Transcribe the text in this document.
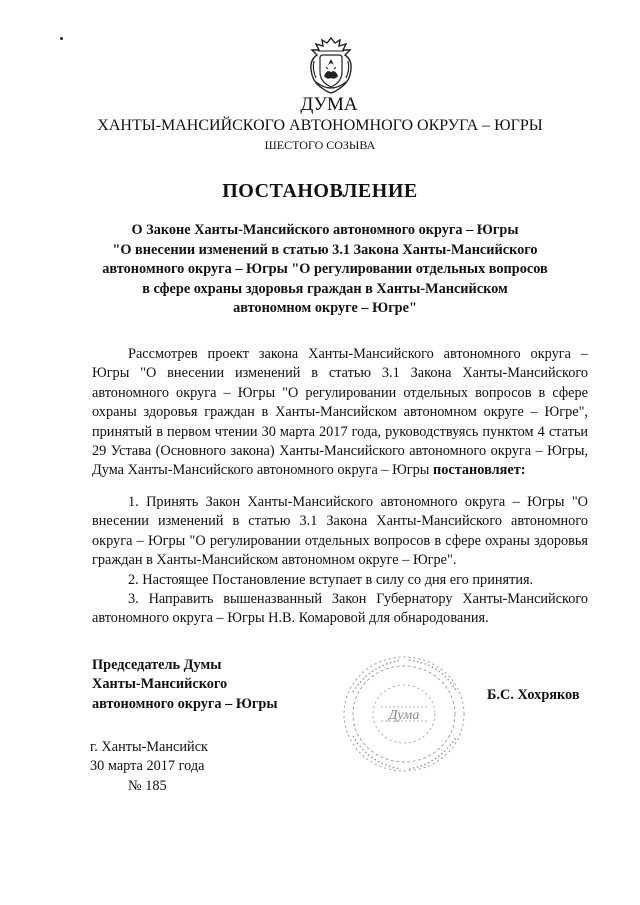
ДУМА
ХАНТЫ-МАНСИЙСКОГО АВТОНОМНОГО ОКРУГА – ЮГРЫ
ШЕСТОГО СОЗЫВА
ПОСТАНОВЛЕНИЕ
О Законе Ханты-Мансийского автономного округа – Югры
"О внесении изменений в статью 3.1 Закона Ханты-Мансийского
автономного округа – Югры "О регулировании отдельных вопросов
в сфере охраны здоровья граждан в Ханты-Мансийском
автономном округе – Югре"

Рассмотрев проект закона Ханты-Мансийского автономного округа – Югры "О внесении изменений в статью 3.1 Закона Ханты-Мансийского автономного округа – Югры "О регулировании отдельных вопросов в сфере охраны здоровья граждан в Ханты-Мансийском автономном округе – Югре", принятый в первом чтении 30 марта 2017 года, руководствуясь пунктом 4 статьи 29 Устава (Основного закона) Ханты-Мансийского автономного округа – Югры, Дума Ханты-Мансийского автономного округа – Югры постановляет:

1. Принять Закон Ханты-Мансийского автономного округа – Югры "О внесении изменений в статью 3.1 Закона Ханты-Мансийского автономного округа – Югры "О регулировании отдельных вопросов в сфере охраны здоровья граждан в Ханты-Мансийском автономном округе – Югре".

2. Настоящее Постановление вступает в силу со дня его принятия.

3. Направить вышеназванный Закон Губернатору Ханты-Мансийского автономного округа – Югры Н.В. Комаровой для обнародования.

Председатель Думы
Ханты-Мансийского
автономного округа – Югры
Дума
Б.С. Хохряков
г. Ханты-Мансийск
30 марта 2017 года
№ 185
